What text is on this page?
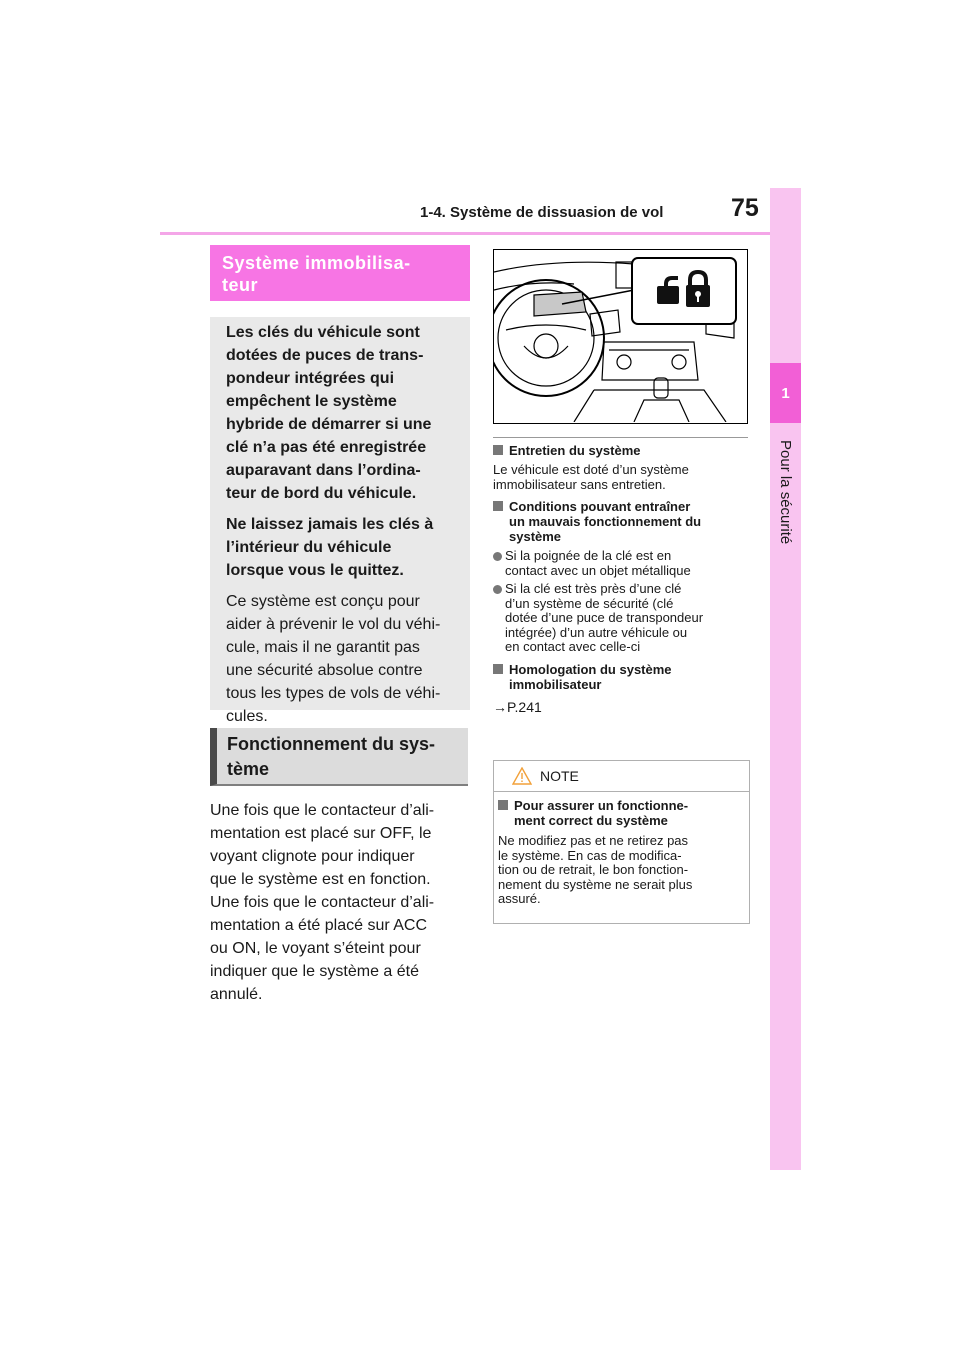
1-4. Système de dissuasion de vol	75
1
Pour la sécurité
Système immobilisa-
teur

Les clés du véhicule sont
dotées de puces de trans-
pondeur intégrées qui
empêchent le système
hybride de démarrer si une
clé n’a pas été enregistrée
auparavant dans l’ordina-
teur de bord du véhicule.

Ne laissez jamais les clés à
l’intérieur du véhicule
lorsque vous le quittez.

Ce système est conçu pour
aider à prévenir le vol du véhi-
cule, mais il ne garantit pas
une sécurité absolue contre
tous les types de vols de véhi-
cules.

Fonctionnement du sys-
tème

Une fois que le contacteur d’ali-
mentation est placé sur OFF, le
voyant clignote pour indiquer
que le système est en fonction.
Une fois que le contacteur d’ali-
mentation a été placé sur ACC
ou ON, le voyant s’éteint pour
indiquer que le système a été
annulé.

Entretien du système

Le véhicule est doté d’un système
immobilisateur sans entretien.

Conditions pouvant entraîner
un mauvais fonctionnement du
système

Si la poignée de la clé est en
contact avec un objet métallique

Si la clé est très près d’une clé
d’un système de sécurité (clé
dotée d’une puce de transpondeur
intégrée) d’un autre véhicule ou
en contact avec celle-ci

Homologation du système
immobilisateur

→P.241

NOTE

Pour assurer un fonctionne-
ment correct du système

Ne modifiez pas et ne retirez pas
le système. En cas de modifica-
tion ou de retrait, le bon fonction-
nement du système ne serait plus
assuré.
